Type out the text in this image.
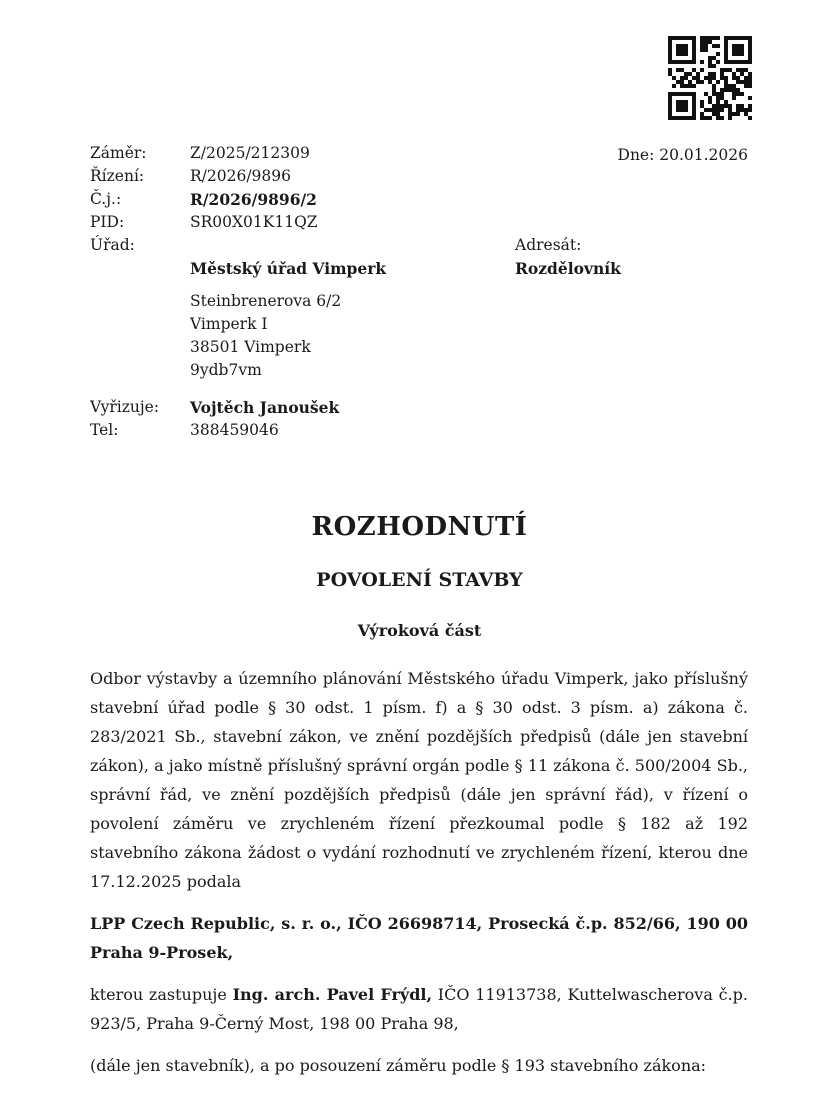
Dne: 20.01.2026
Záměr:	Z/2025/212309
Řízení:	R/2026/9896
Č.j.:	R/2026/9896/2
PID:	SR00X01K11QZ
Úřad:
Městský úřad Vimperk
Steinbrenerova 6/2
Vimperk I
38501 Vimperk
9ydb7vm
Vyřizuje:	Vojtěch Janoušek
Tel:	388459046
Adresát:
Rozdělovník
ROZHODNUTÍ
POVOLENÍ STAVBY
Výroková část

Odbor výstavby a územního plánování Městského úřadu Vimperk, jako příslušný stavební úřad podle § 30 odst. 1 písm. f) a § 30 odst. 3 písm. a) zákona č. 283/2021 Sb., stavební zákon, ve znění pozdějších předpisů (dále jen stavební zákon), a jako místně příslušný správní orgán podle § 11 zákona č. 500/2004 Sb., správní řád, ve znění pozdějších předpisů (dále jen správní řád), v řízení o povolení záměru ve zrychleném řízení přezkoumal podle § 182 až 192 stavebního zákona žádost o vydání rozhodnutí ve zrychleném řízení, kterou dne 17.12.2025 podala

LPP Czech Republic, s. r. o., IČO 26698714, Prosecká č.p. 852/66, 190 00 Praha 9-Prosek,

kterou zastupuje Ing. arch. Pavel Frýdl, IČO 11913738, Kuttelwascherova č.p. 923/5, Praha 9-Černý Most, 198 00 Praha 98,

(dále jen stavebník), a po posouzení záměru podle § 193 stavebního zákona:
